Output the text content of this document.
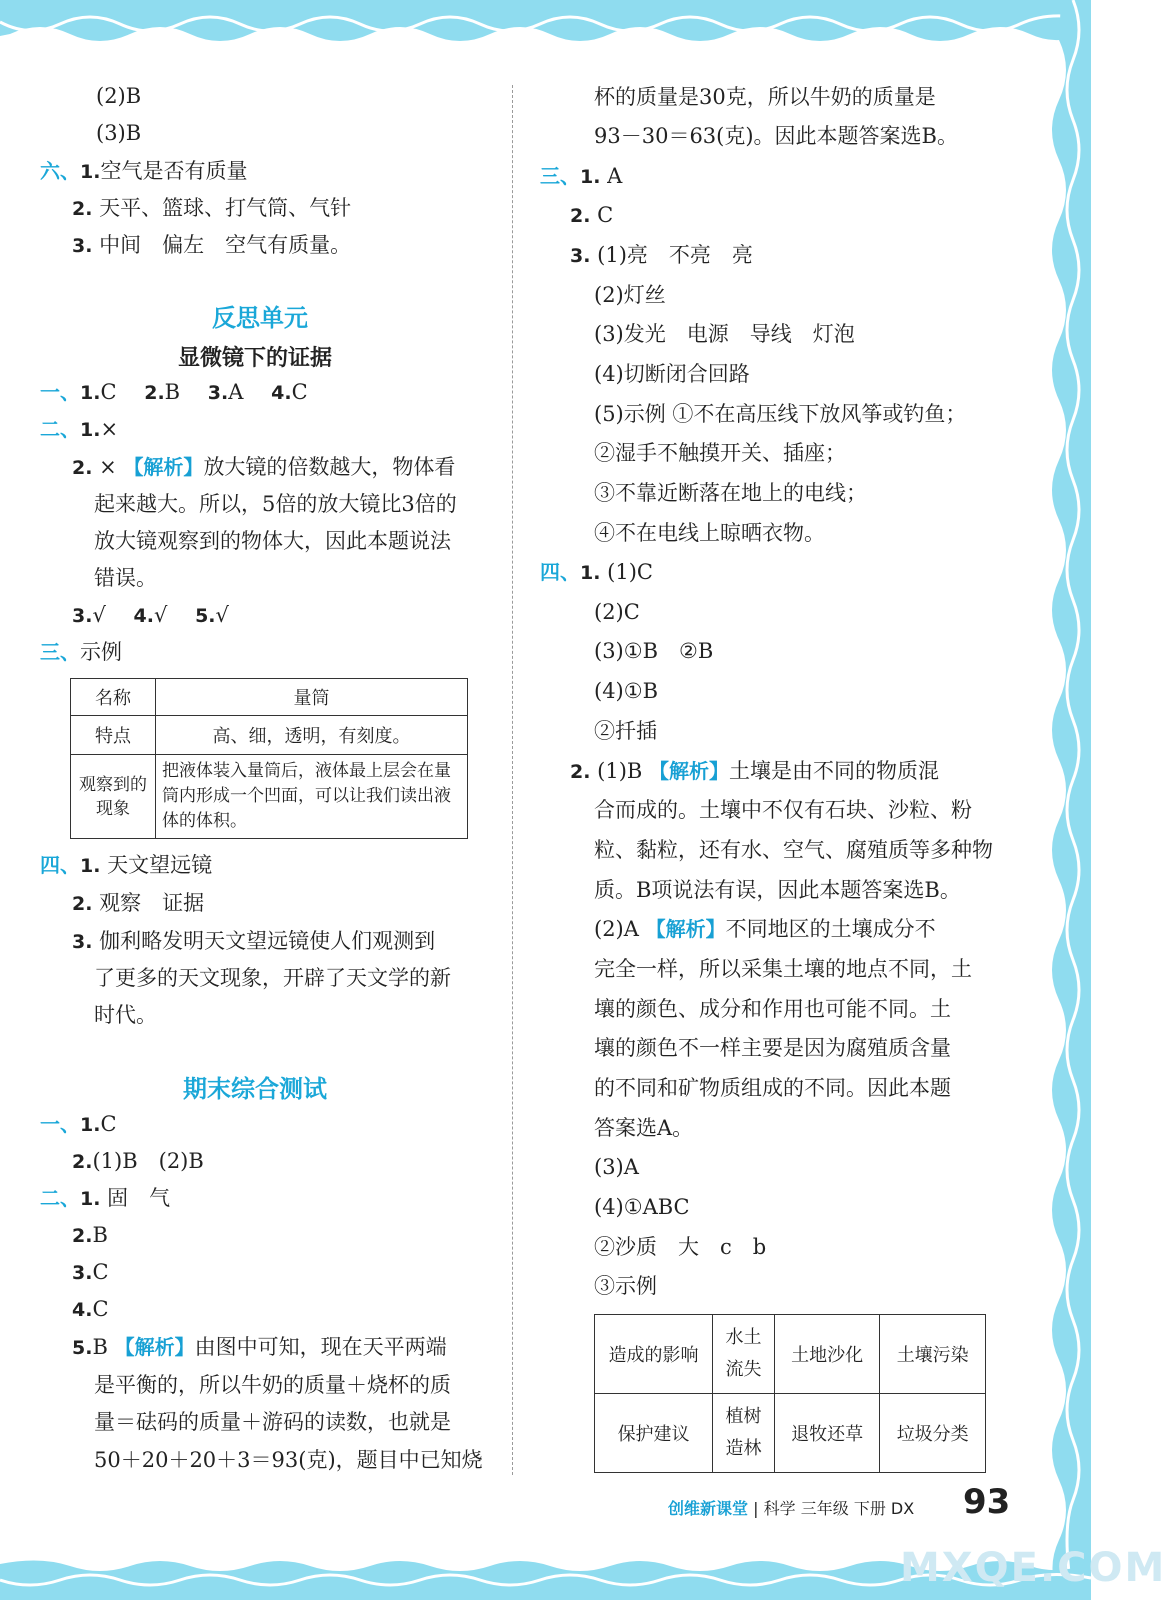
(2)B
(3)B
六、1.空气是否有质量
2. 天平、篮球、打气筒、气针
3. 中间　偏左　空气有质量。
反思单元
显微镜下的证据
一、1.C　 2.B　 3.A　 4.C
二、1.×
2. × 【解析】放大镜的倍数越大，物体看
起来越大。所以，5倍的放大镜比3倍的
放大镜观察到的物体大，因此本题说法
错误。
3.√　 4.√　 5.√
三、示例
名称	量筒
特点	高、细，透明，有刻度。
观察到的现象	把液体装入量筒后，液体最上层会在量筒内形成一个凹面，可以让我们读出液体的体积。
四、1. 天文望远镜
2. 观察　证据
3. 伽利略发明天文望远镜使人们观测到
了更多的天文现象，开辟了天文学的新
时代。
期末综合测试
一、1.C
2.(1)B　(2)B
二、1. 固　气
2.B
3.C
4.C
5.B 【解析】由图中可知，现在天平两端
是平衡的，所以牛奶的质量＋烧杯的质
量＝砝码的质量＋游码的读数，也就是
50＋20＋20＋3＝93(克)，题目中已知烧
杯的质量是30克，所以牛奶的质量是
93－30＝63(克)。因此本题答案选B。
三、1. A
2. C
3. (1)亮　不亮　亮
(2)灯丝
(3)发光　电源　导线　灯泡
(4)切断闭合回路
(5)示例 ①不在高压线下放风筝或钓鱼；
②湿手不触摸开关、插座；
③不靠近断落在地上的电线；
④不在电线上晾晒衣物。
四、1. (1)C
(2)C
(3)①B　②B
(4)①B
②扦插
2. (1)B 【解析】土壤是由不同的物质混
合而成的。土壤中不仅有石块、沙粒、粉
粒、黏粒，还有水、空气、腐殖质等多种物
质。B项说法有误，因此本题答案选B。
(2)A 【解析】不同地区的土壤成分不
完全一样，所以采集土壤的地点不同，土
壤的颜色、成分和作用也可能不同。土
壤的颜色不一样主要是因为腐殖质含量
的不同和矿物质组成的不同。因此本题
答案选A。
(3)A
(4)①ABC
②沙质　大　c　b
③示例
造成的影响	水土流失	土地沙化	土壤污染
保护建议	植树造林	退牧还草	垃圾分类
创维新课堂 | 科学 三年级 下册 DX 93
MXQE.COM
